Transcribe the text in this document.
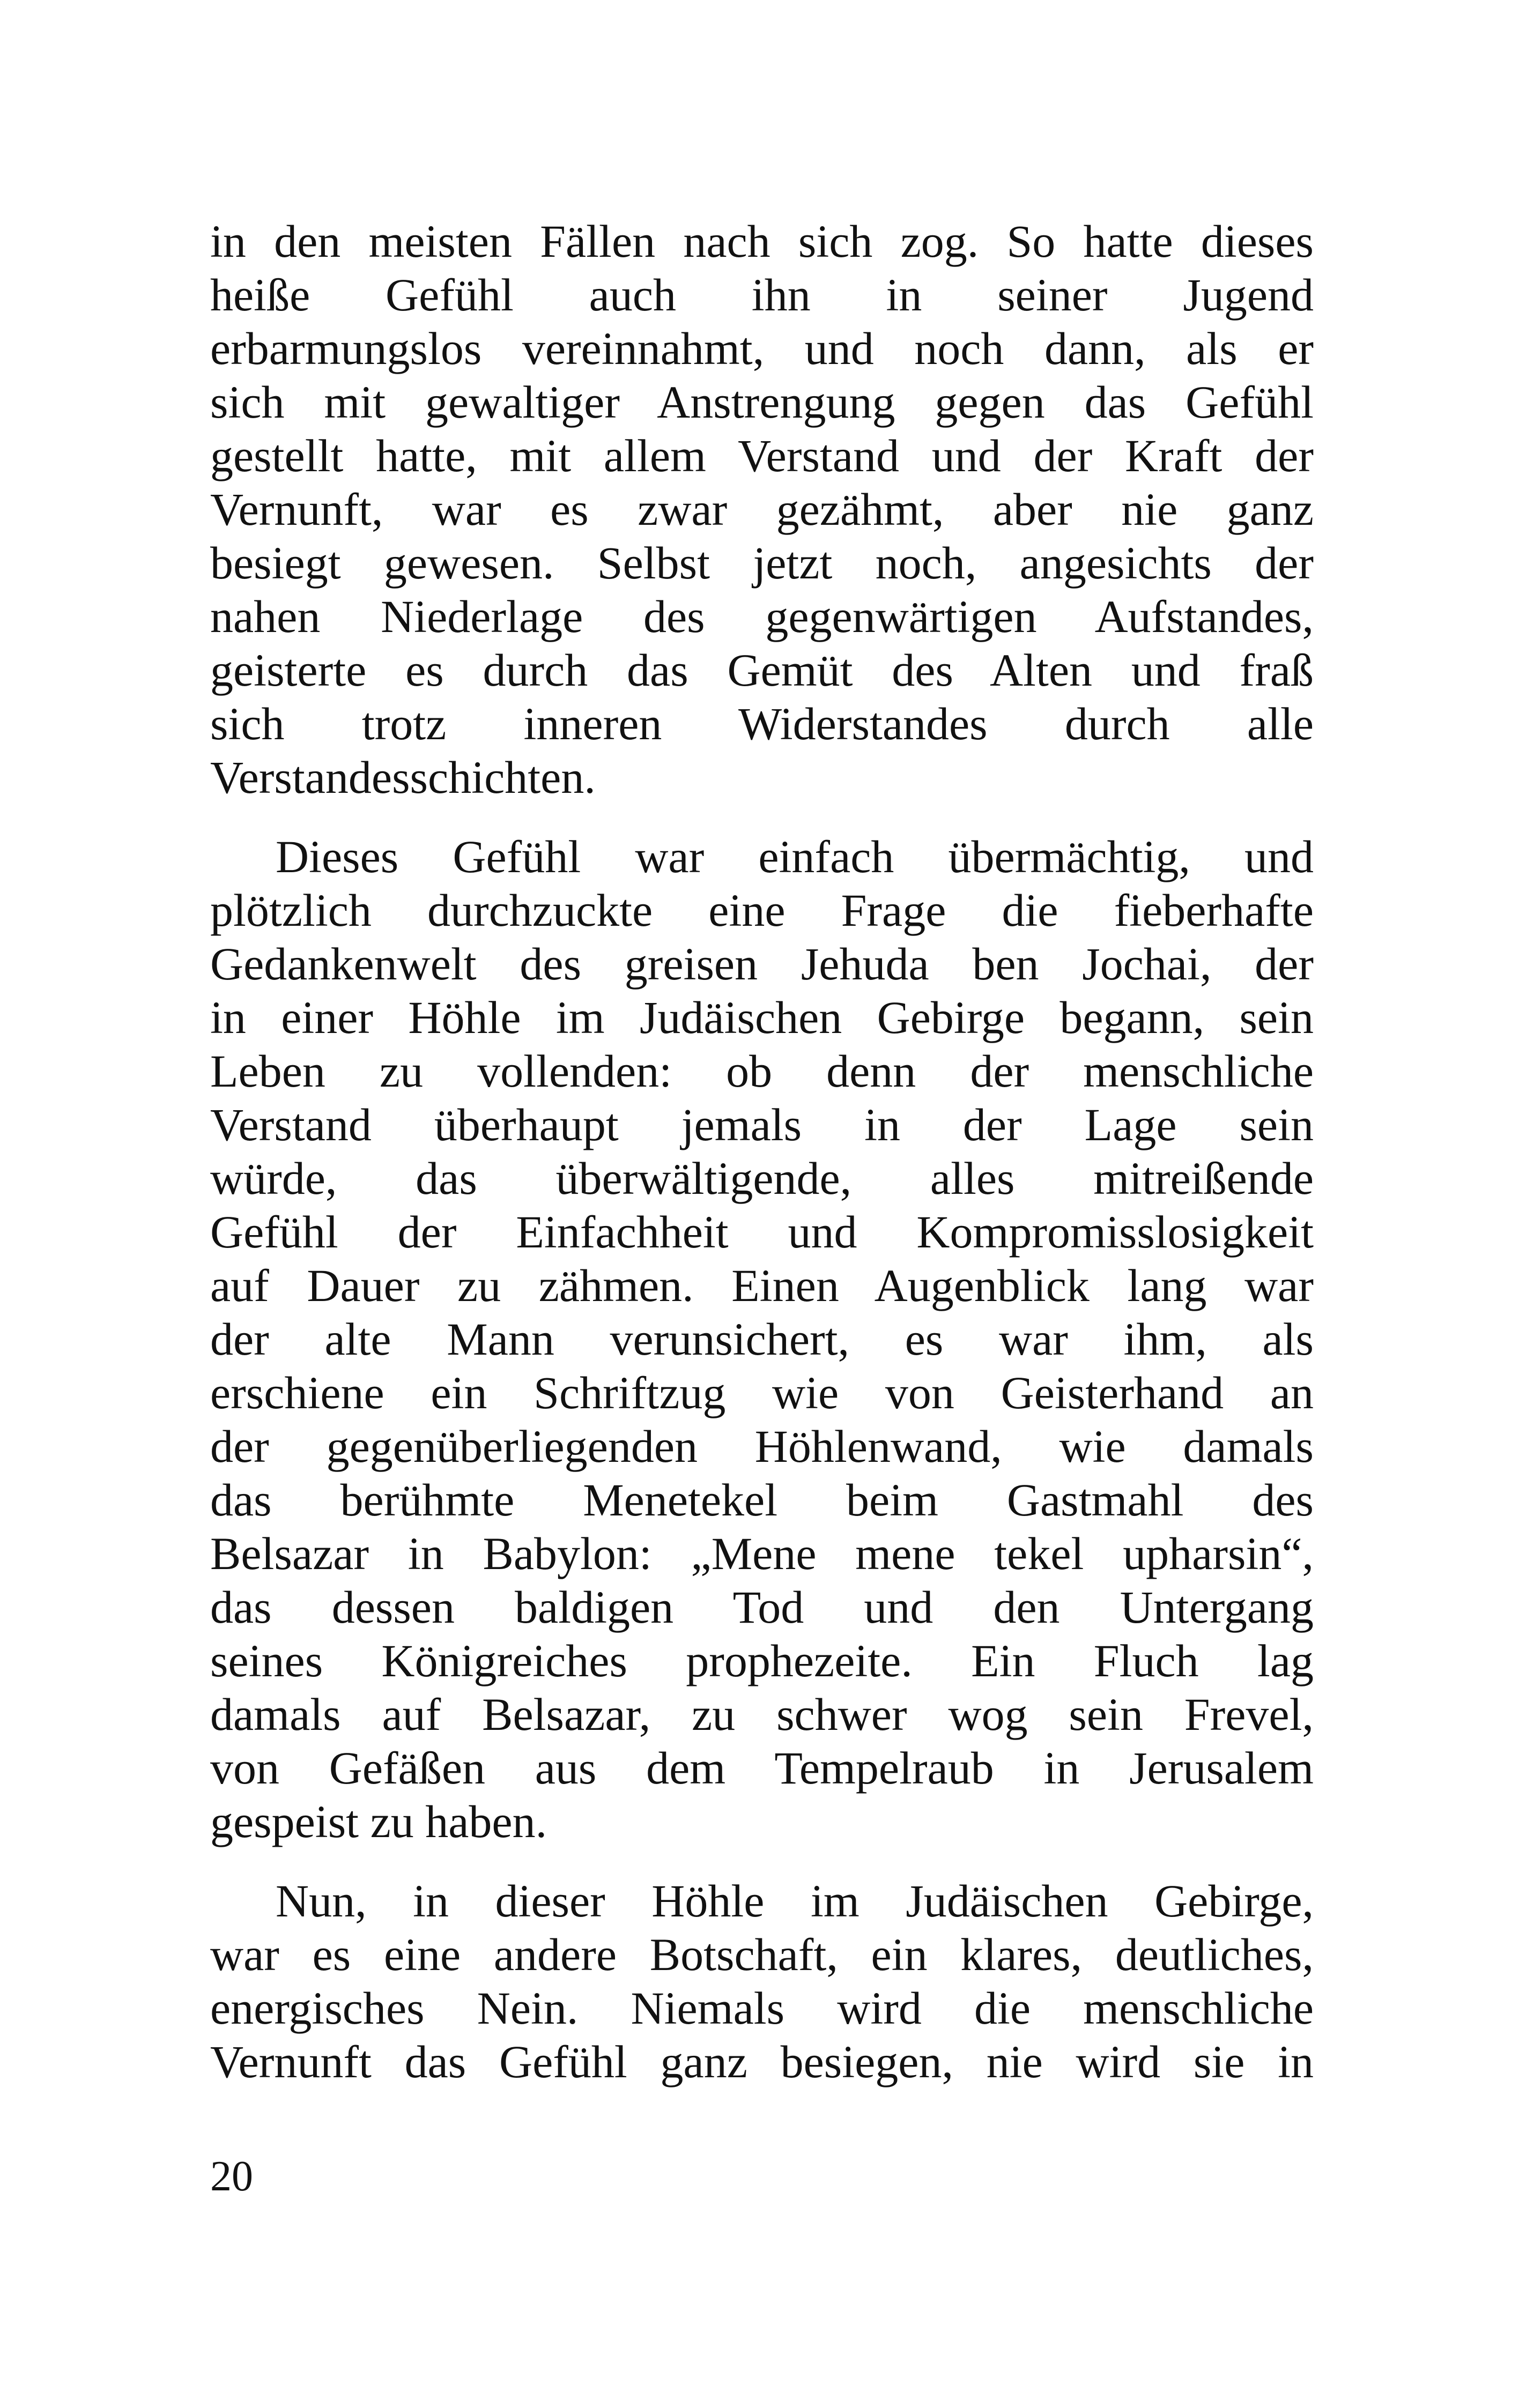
in den meisten Fällen nach sich zog. So hatte dieses
heiße Gefühl auch ihn in seiner Jugend
erbarmungslos vereinnahmt, und noch dann, als er
sich mit gewaltiger Anstrengung gegen das Gefühl
gestellt hatte, mit allem Verstand und der Kraft der
Vernunft, war es zwar gezähmt, aber nie ganz
besiegt gewesen. Selbst jetzt noch, angesichts der
nahen Niederlage des gegenwärtigen Aufstandes,
geisterte es durch das Gemüt des Alten und fraß
sich trotz inneren Widerstandes durch alle
Verstandesschichten.

Dieses Gefühl war einfach übermächtig, und
plötzlich durchzuckte eine Frage die fieberhafte
Gedankenwelt des greisen Jehuda ben Jochai, der
in einer Höhle im Judäischen Gebirge begann, sein
Leben zu vollenden: ob denn der menschliche
Verstand überhaupt jemals in der Lage sein
würde, das überwältigende, alles mitreißende
Gefühl der Einfachheit und Kompromisslosigkeit
auf Dauer zu zähmen. Einen Augenblick lang war
der alte Mann verunsichert, es war ihm, als
erschiene ein Schriftzug wie von Geisterhand an
der gegenüberliegenden Höhlenwand, wie damals
das berühmte Menetekel beim Gastmahl des
Belsazar in Babylon: „Mene mene tekel upharsin“,
das dessen baldigen Tod und den Untergang
seines Königreiches prophezeite. Ein Fluch lag
damals auf Belsazar, zu schwer wog sein Frevel,
von Gefäßen aus dem Tempelraub in Jerusalem
gespeist zu haben.

Nun, in dieser Höhle im Judäischen Gebirge,
war es eine andere Botschaft, ein klares, deutliches,
energisches Nein. Niemals wird die menschliche
Vernunft das Gefühl ganz besiegen, nie wird sie in

20
